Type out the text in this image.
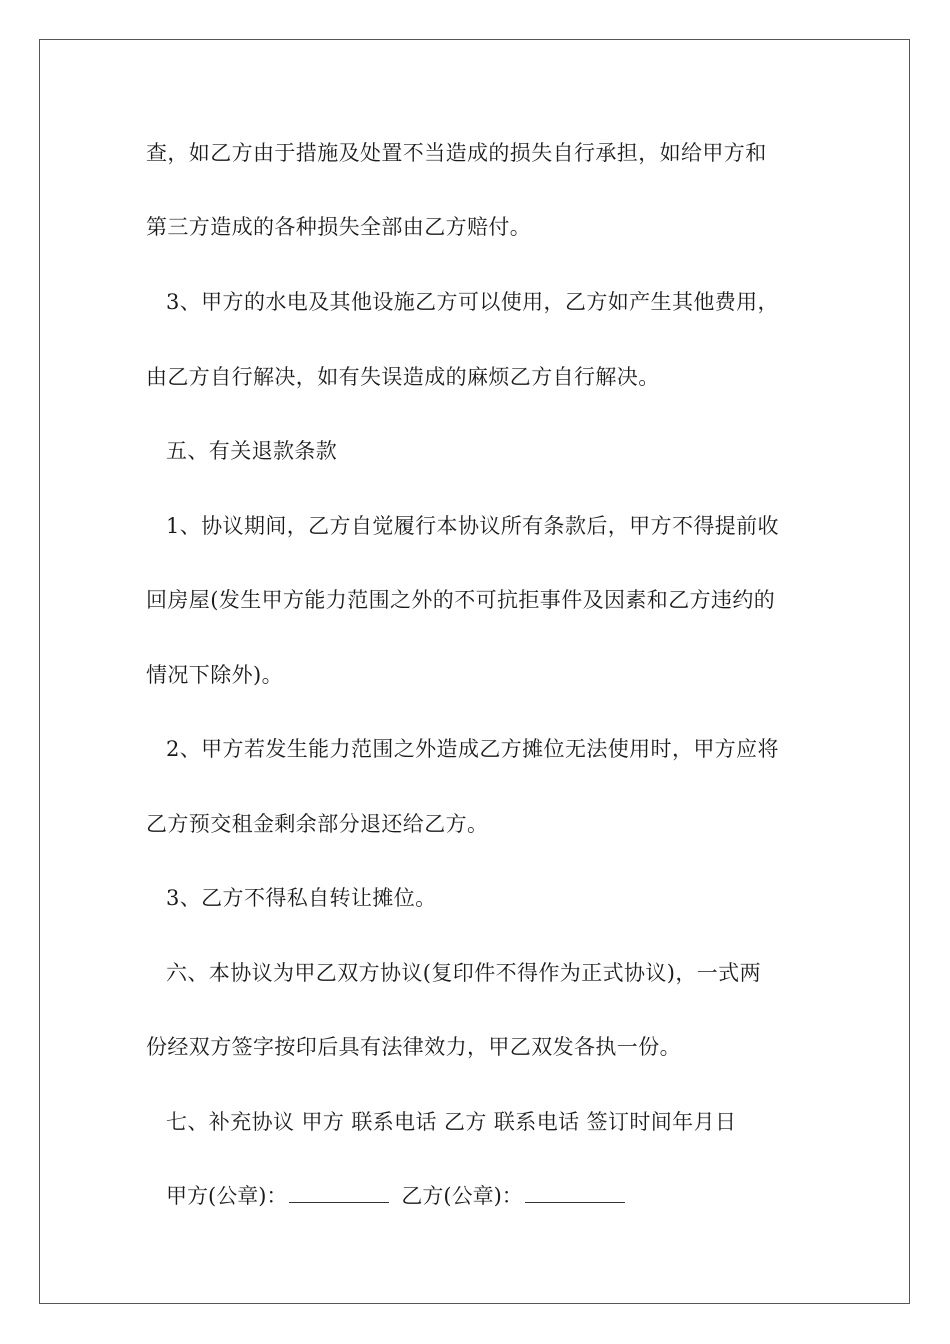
查，如乙方由于措施及处置不当造成的损失自行承担，如给甲方和
第三方造成的各种损失全部由乙方赔付。
3、甲方的水电及其他设施乙方可以使用，乙方如产生其他费用，
由乙方自行解决，如有失误造成的麻烦乙方自行解决。
五、有关退款条款
1、协议期间，乙方自觉履行本协议所有条款后，甲方不得提前收
回房屋(发生甲方能力范围之外的不可抗拒事件及因素和乙方违约的
情况下除外)。
2、甲方若发生能力范围之外造成乙方摊位无法使用时，甲方应将
乙方预交租金剩余部分退还给乙方。
3、乙方不得私自转让摊位。
六、本协议为甲乙双方协议(复印件不得作为正式协议)，一式两
份经双方签字按印后具有法律效力，甲乙双发各执一份。
七、补充协议 甲方 联系电话 乙方 联系电话 签订时间年月日
甲方(公章)：	乙方(公章)：
